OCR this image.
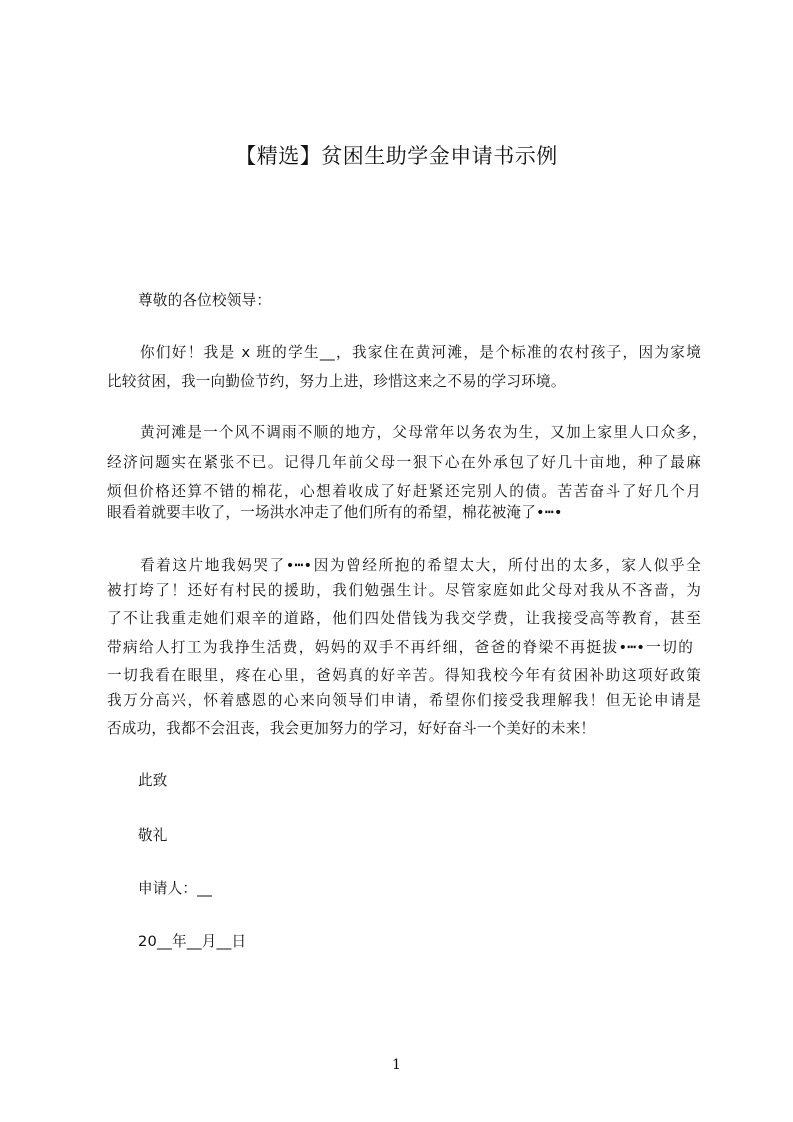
【精选】贫困生助学金申请书示例
尊敬的各位校领导：
你们好！我是 x 班的学生__，我家住在黄河滩，是个标准的农村孩子，因为家境
比较贫困，我一向勤俭节约，努力上进，珍惜这来之不易的学习环境。
黄河滩是一个风不调雨不顺的地方，父母常年以务农为生，又加上家里人口众多，
经济问题实在紧张不已。记得几年前父母一狠下心在外承包了好几十亩地，种了最麻
烦但价格还算不错的棉花，心想着收成了好赶紧还完别人的债。苦苦奋斗了好几个月
眼看着就要丰收了，一场洪水冲走了他们所有的希望，棉花被淹了•┅•
看着这片地我妈哭了•┅•因为曾经所抱的希望太大，所付出的太多，家人似乎全
被打垮了！还好有村民的援助，我们勉强生计。尽管家庭如此父母对我从不吝啬，为
了不让我重走她们艰辛的道路，他们四处借钱为我交学费，让我接受高等教育，甚至
带病给人打工为我挣生活费，妈妈的双手不再纤细，爸爸的脊梁不再挺拔•┅•一切的
一切我看在眼里，疼在心里，爸妈真的好辛苦。得知我校今年有贫困补助这项好政策
我万分高兴，怀着感恩的心来向领导们申请，希望你们接受我理解我！但无论申请是
否成功，我都不会沮丧，我会更加努力的学习，好好奋斗一个美好的未来！
此致
敬礼
申请人：__
20__年__月__日
1
